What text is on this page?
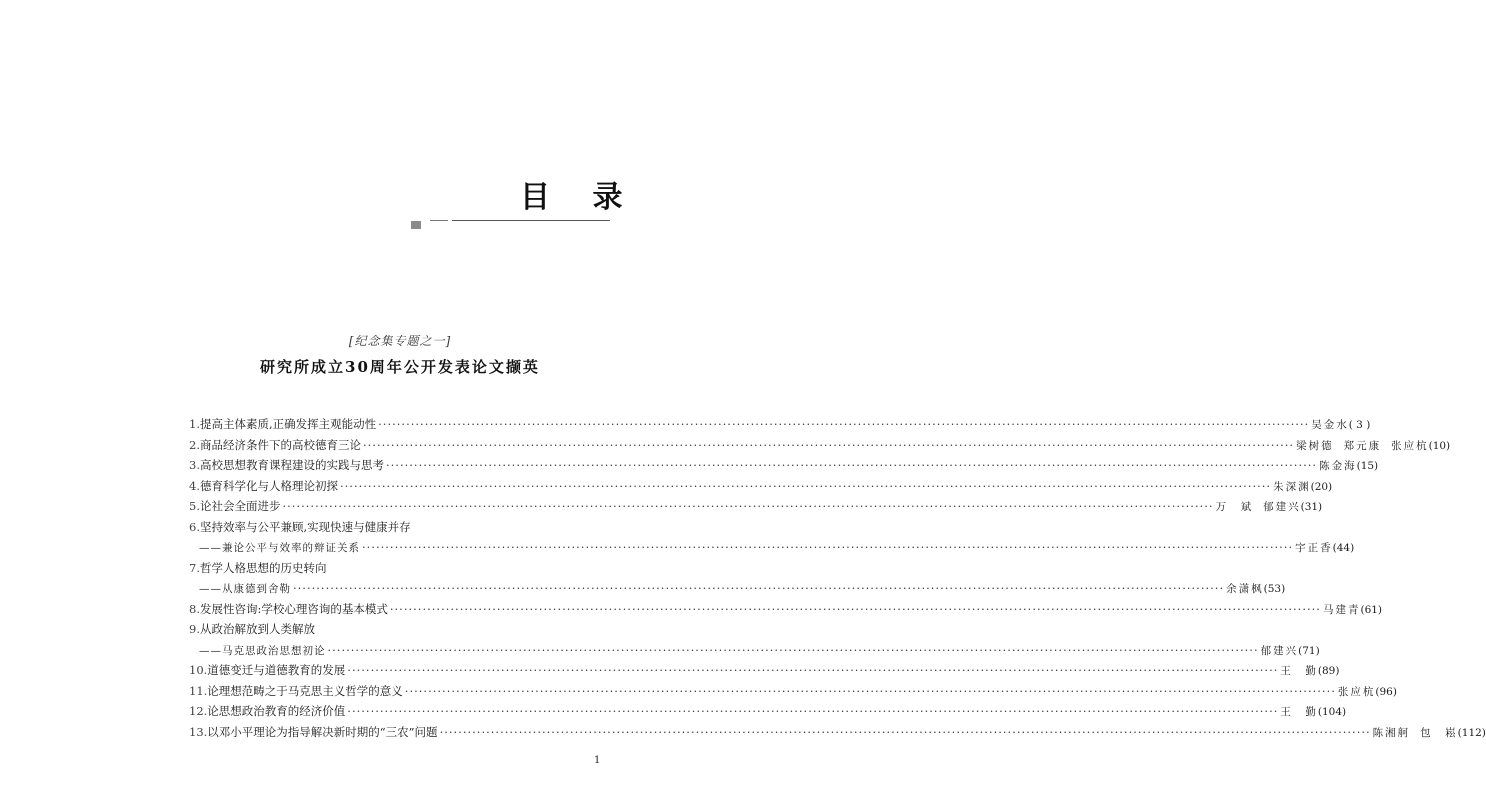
目 录
[纪念集专题之一]
研究所成立30周年公开发表论文撷英
1.提高主体素质,正确发挥主观能动性 ········································································································································································································ 吴金水 ( 3 )
2.商品经济条件下的高校德育三论 ········································································································································································································ 梁树德 郑元康 张应杭 (10)
3.高校思想教育课程建设的实践与思考 ········································································································································································································ 陈金海 (15)
4.德育科学化与人格理论初探 ········································································································································································································ 朱深渊 (20)
5.论社会全面进步 ········································································································································································································ 万　斌 郁建兴 (31)
6.坚持效率与公平兼顾,实现快速与健康并存
——兼论公平与效率的辩证关系 ········································································································································································································ 宇正香 (44)
7.哲学人格思想的历史转向
——从康德到舍勒 ········································································································································································································ 余潇枫 (53)
8.发展性咨询:学校心理咨询的基本模式 ········································································································································································································ 马建青 (61)
9.从政治解放到人类解放
——马克思政治思想初论 ········································································································································································································ 郁建兴 (71)
10.道德变迁与道德教育的发展 ········································································································································································································ 王　勤 (89)
11.论理想范畴之于马克思主义哲学的意义 ········································································································································································································ 张应杭 (96)
12.论思想政治教育的经济价值 ········································································································································································································ 王　勤 (104)
13.以邓小平理论为指导解决新时期的“三农”问题 ········································································································································································································ 陈湘舸 包　崧 (112)
1
